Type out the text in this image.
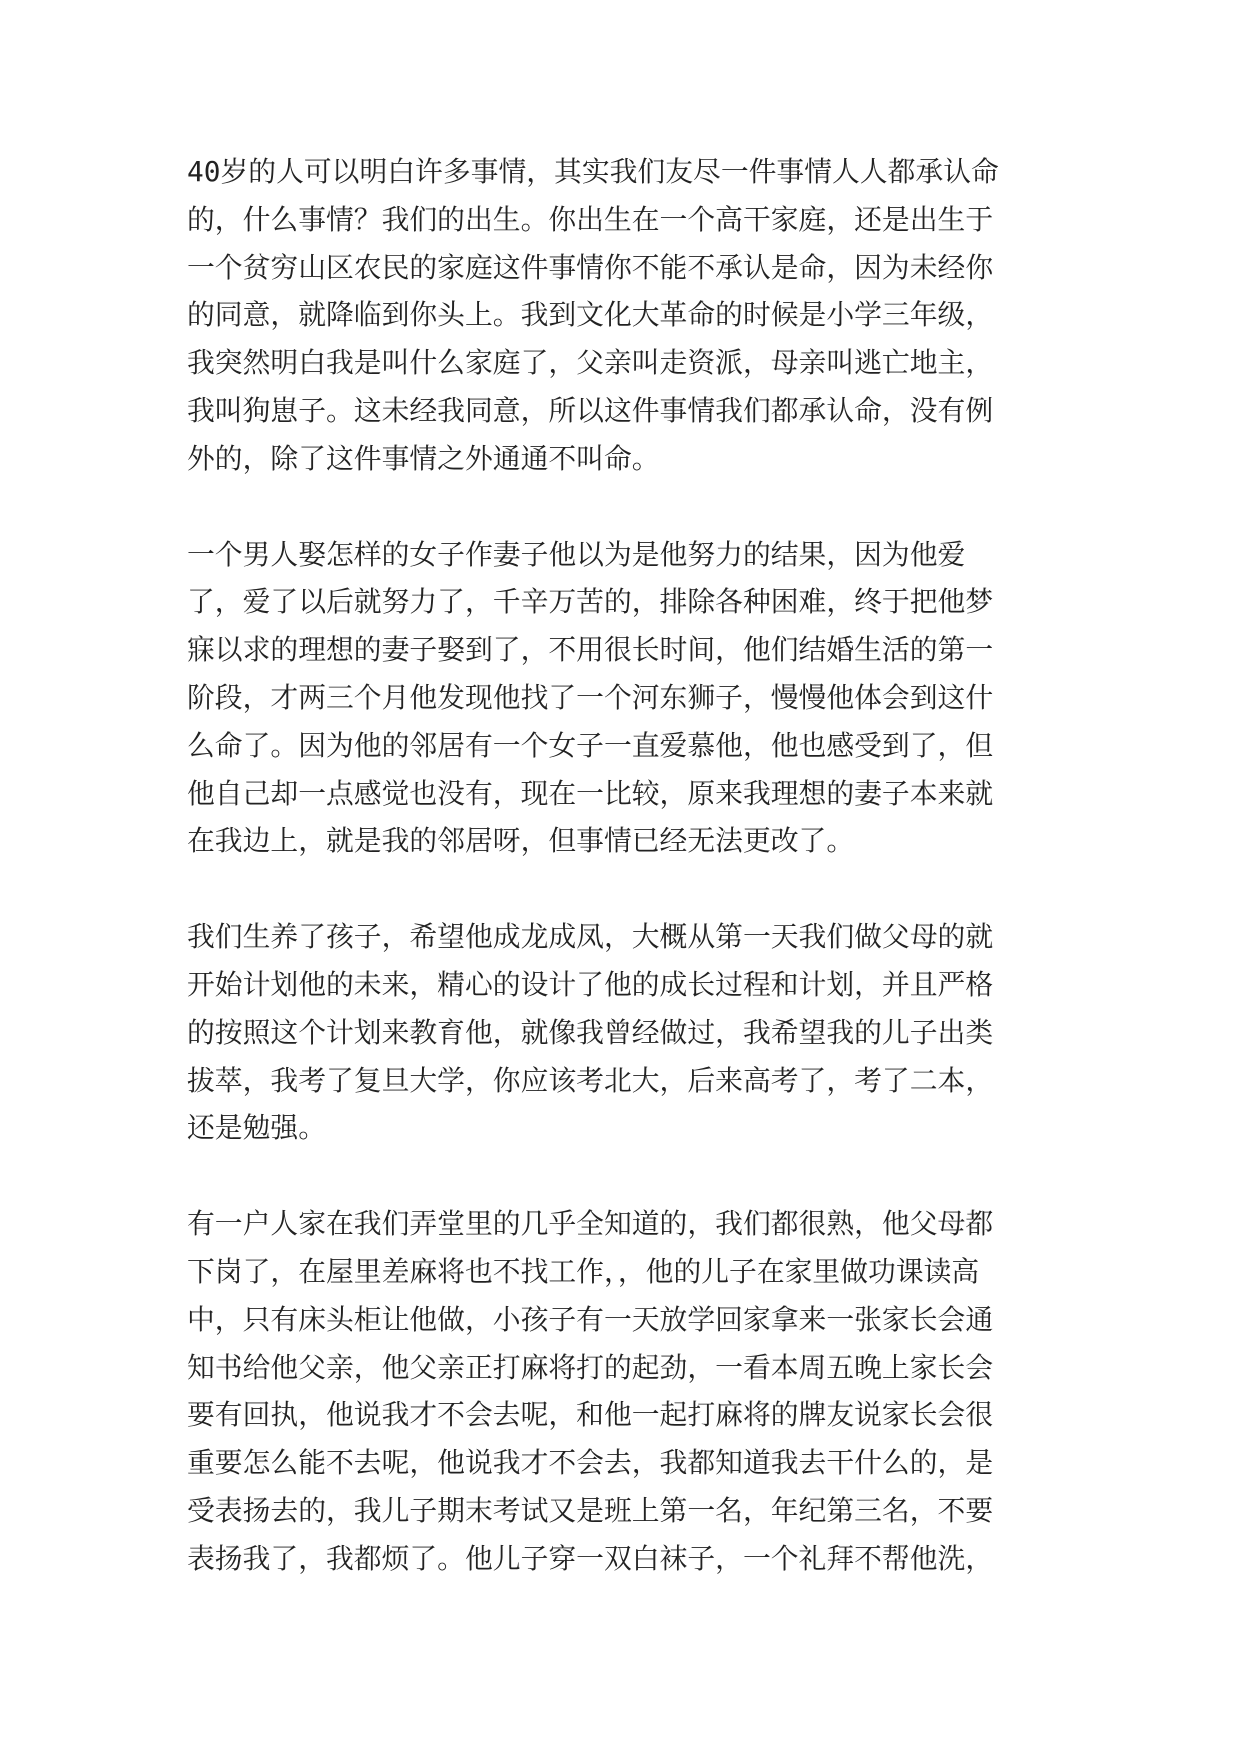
40岁的人可以明白许多事情，其实我们友尽一件事情人人都承认命
的，什么事情？我们的出生。你出生在一个高干家庭，还是出生于
一个贫穷山区农民的家庭这件事情你不能不承认是命，因为未经你
的同意，就降临到你头上。我到文化大革命的时候是小学三年级，
我突然明白我是叫什么家庭了，父亲叫走资派，母亲叫逃亡地主，
我叫狗崽子。这未经我同意，所以这件事情我们都承认命，没有例
外的，除了这件事情之外通通不叫命。
一个男人娶怎样的女子作妻子他以为是他努力的结果，因为他爱
了，爱了以后就努力了，千辛万苦的，排除各种困难，终于把他梦
寐以求的理想的妻子娶到了，不用很长时间，他们结婚生活的第一
阶段，才两三个月他发现他找了一个河东狮子，慢慢他体会到这什
么命了。因为他的邻居有一个女子一直爱慕他，他也感受到了，但
他自己却一点感觉也没有，现在一比较，原来我理想的妻子本来就
在我边上，就是我的邻居呀，但事情已经无法更改了。
我们生养了孩子，希望他成龙成凤，大概从第一天我们做父母的就
开始计划他的未来，精心的设计了他的成长过程和计划，并且严格
的按照这个计划来教育他，就像我曾经做过，我希望我的儿子出类
拔萃，我考了复旦大学，你应该考北大，后来高考了，考了二本，
还是勉强。
有一户人家在我们弄堂里的几乎全知道的，我们都很熟，他父母都
下岗了，在屋里差麻将也不找工作，，他的儿子在家里做功课读高
中，只有床头柜让他做，小孩子有一天放学回家拿来一张家长会通
知书给他父亲，他父亲正打麻将打的起劲，一看本周五晚上家长会
要有回执，他说我才不会去呢，和他一起打麻将的牌友说家长会很
重要怎么能不去呢，他说我才不会去，我都知道我去干什么的，是
受表扬去的，我儿子期末考试又是班上第一名，年纪第三名，不要
表扬我了，我都烦了。他儿子穿一双白袜子，一个礼拜不帮他洗，
